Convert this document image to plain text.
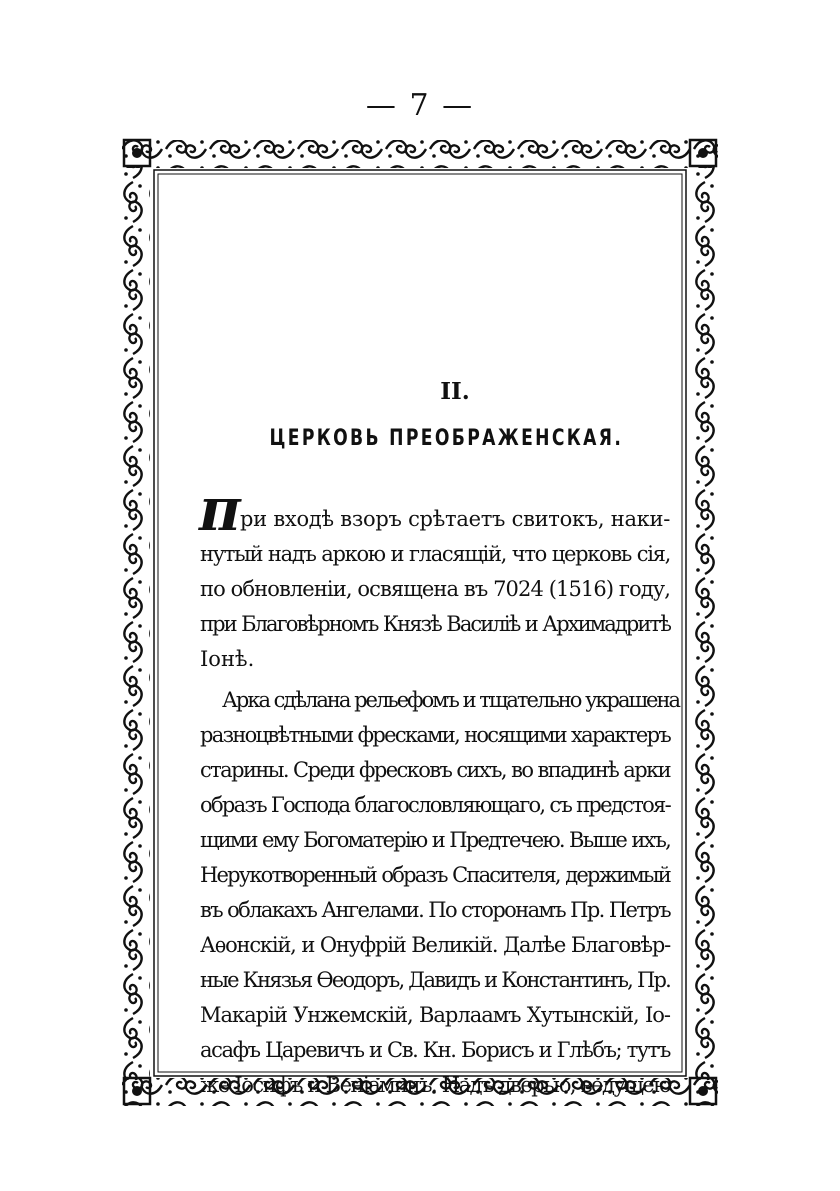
— 7 —
II.
ЦЕРКОВЬ ПРЕОБРАЖЕНСКАЯ.

При входѣ взоръ срѣтаетъ свитокъ, наки-
нутый надъ аркою и гласящій, что церковь сія,
по обновленіи, освящена въ 7024 (1516) году,
при Благовѣрномъ Князѣ Василіѣ и Архимадритѣ
Іонѣ.

Арка сдѣлана рельефомъ и тщательно украшена
разноцвѣтными фресками, носящими характеръ
старины. Среди фресковъ сихъ, во впадинѣ арки
образъ Господа благословляющаго, съ предстоя-
щими ему Богоматерію и Предтечею. Выше ихъ,
Нерукотворенный образъ Спасителя, держимый
въ облакахъ Ангелами. По сторонамъ Пр. Петръ
Аѳонскій, и Онуфрій Великій. Далѣе Благовѣр-
ные Князья Ѳеодоръ, Давидъ и Константинъ, Пр.
Макарій Унжемскій, Варлаамъ Хутынскій, Іо-
асафъ Царевичъ и Св. Кн. Борисъ и Глѣбъ; тутъ
же Іосифъ и Веніаминъ. Надъ дверью, ведущею
